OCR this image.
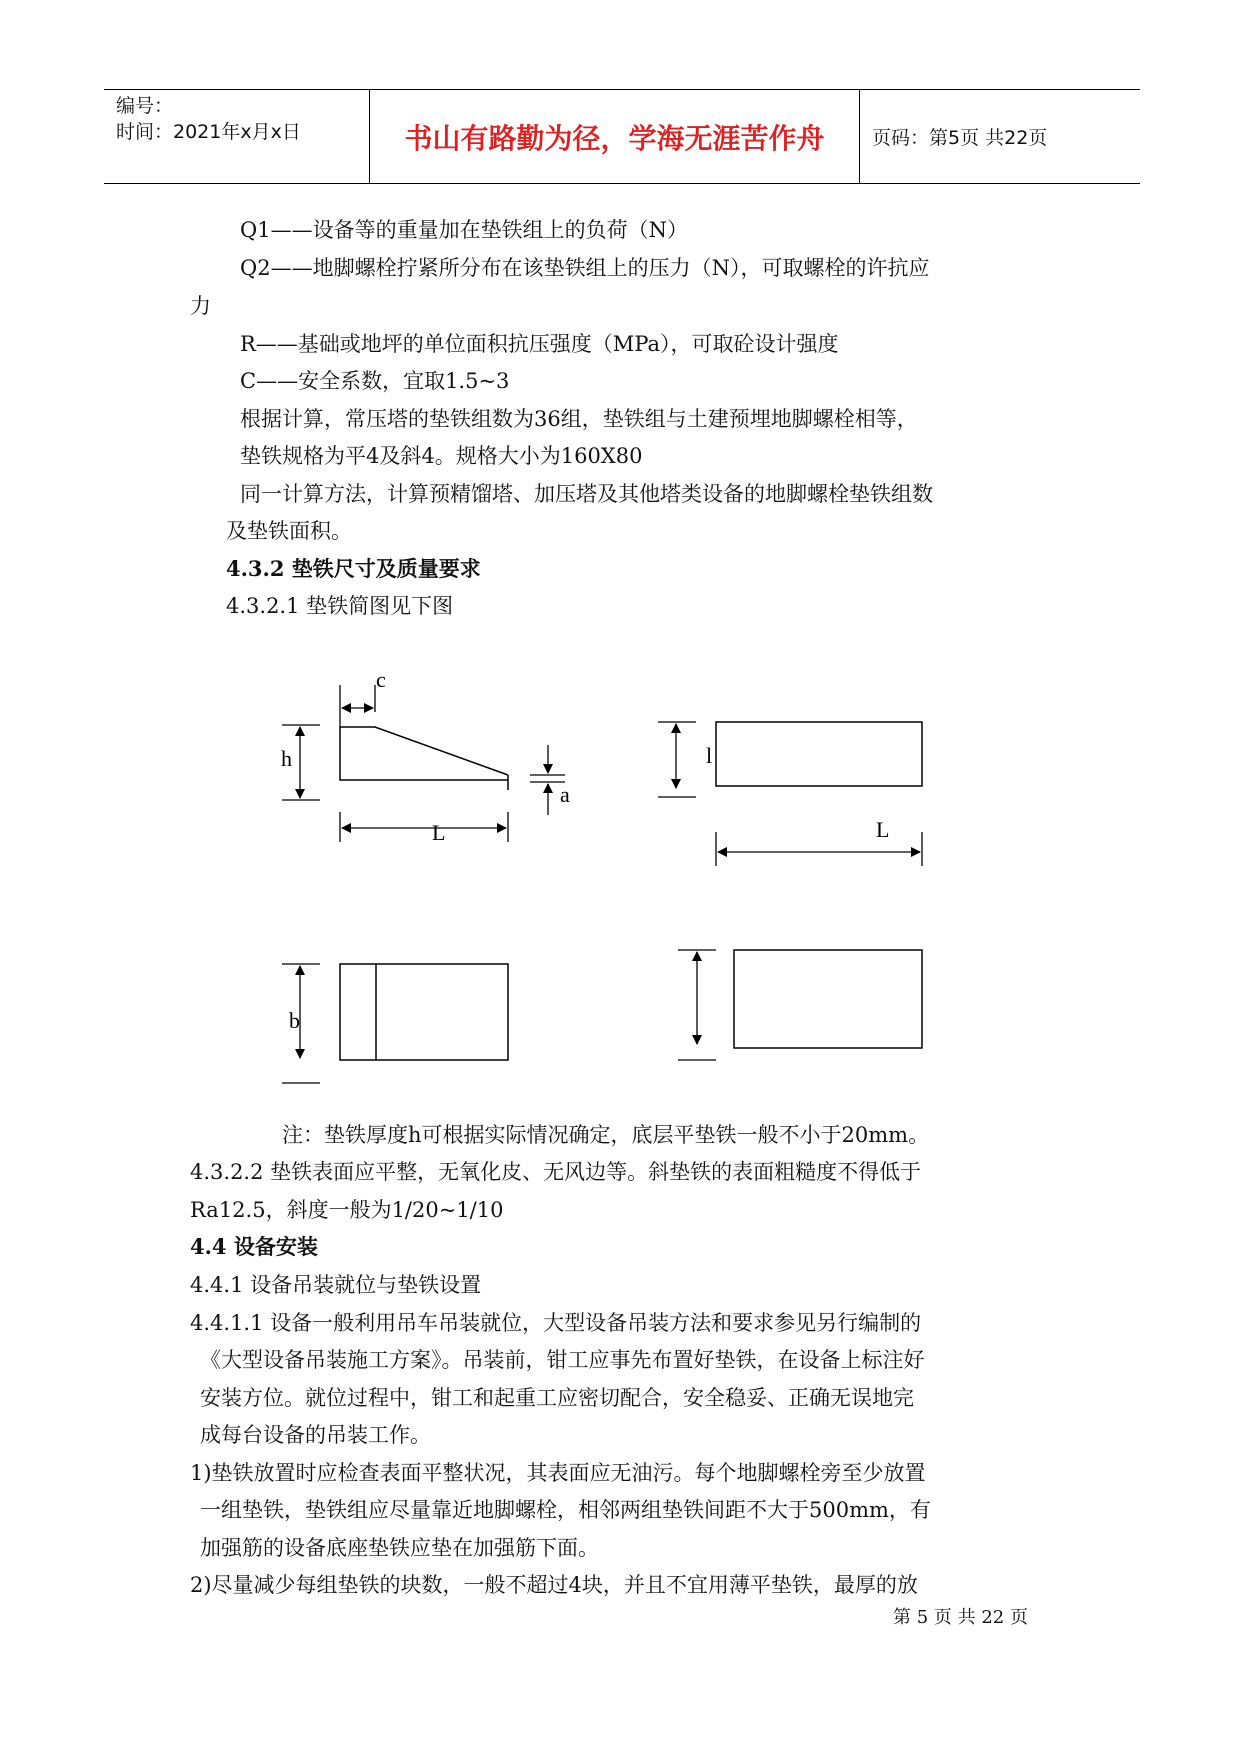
编号：
时间：2021年x月x日	书山有路勤为径，学海无涯苦作舟	页码：第5页 共22页
Q1——设备等的重量加在垫铁组上的负荷（N）
Q2——地脚螺栓拧紧所分布在该垫铁组上的压力（N），可取螺栓的许抗应
力
R——基础或地坪的单位面积抗压强度（MPa），可取砼设计强度
C——安全系数，宜取1.5~3
根据计算，常压塔的垫铁组数为36组，垫铁组与土建预埋地脚螺栓相等，
垫铁规格为平4及斜4。规格大小为160X80
同一计算方法，计算预精馏塔、加压塔及其他塔类设备的地脚螺栓垫铁组数
及垫铁面积。
4.3.2 垫铁尺寸及质量要求
4.3.2.1 垫铁简图见下图
c
h
a
L
l
L
b
注：垫铁厚度h可根据实际情况确定，底层平垫铁一般不小于20mm。
4.3.2.2 垫铁表面应平整，无氧化皮、无风边等。斜垫铁的表面粗糙度不得低于
Ra12.5，斜度一般为1/20~1/10
4.4 设备安装
4.4.1 设备吊装就位与垫铁设置
4.4.1.1 设备一般利用吊车吊装就位，大型设备吊装方法和要求参见另行编制的
《大型设备吊装施工方案》。吊装前，钳工应事先布置好垫铁，在设备上标注好
安装方位。就位过程中，钳工和起重工应密切配合，安全稳妥、正确无误地完
成每台设备的吊装工作。
1)垫铁放置时应检查表面平整状况，其表面应无油污。每个地脚螺栓旁至少放置
一组垫铁，垫铁组应尽量靠近地脚螺栓，相邻两组垫铁间距不大于500mm，有
加强筋的设备底座垫铁应垫在加强筋下面。
2)尽量减少每组垫铁的块数，一般不超过4块，并且不宜用薄平垫铁，最厚的放
第 5 页 共 22 页
